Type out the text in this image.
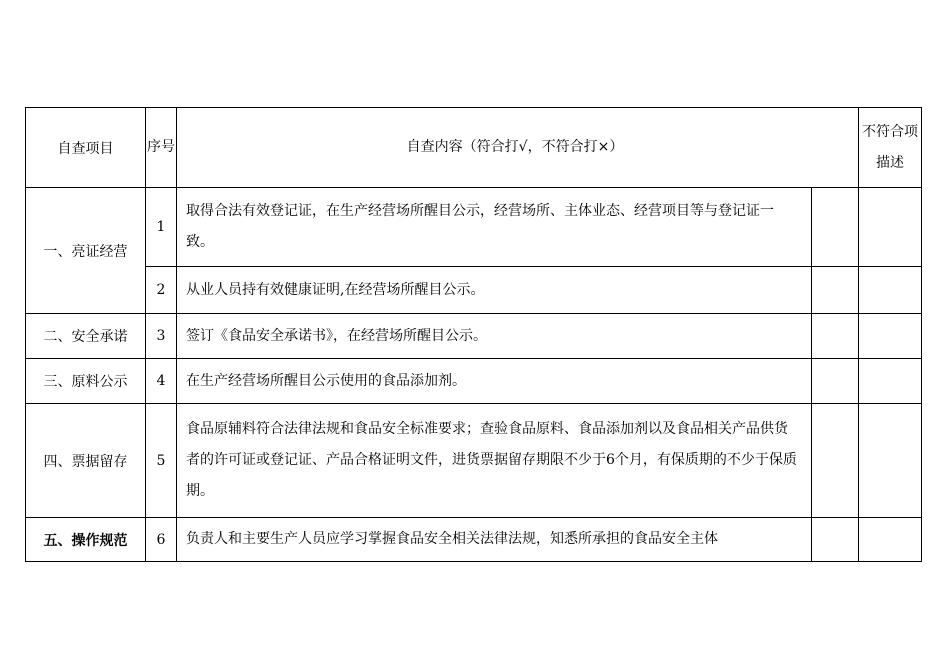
自查项目	序号	自查内容（符合打√，不符合打×）		不符合项描述
一、亮证经营	1	取得合法有效登记证，在生产经营场所醒目公示，经营场所、主体业态、经营项目等与登记证一致。		
	2	从业人员持有效健康证明,在经营场所醒目公示。		
二、安全承诺	3	签订《食品安全承诺书》，在经营场所醒目公示。		
三、原料公示	4	在生产经营场所醒目公示使用的食品添加剂。		
四、票据留存	5	食品原辅料符合法律法规和食品安全标准要求；查验食品原料、食品添加剂以及食品相关产品供货者的许可证或登记证、产品合格证明文件，进货票据留存期限不少于6个月，有保质期的不少于保质期。		
五、操作规范	6	负责人和主要生产人员应学习掌握食品安全相关法律法规，知悉所承担的食品安全主体		
